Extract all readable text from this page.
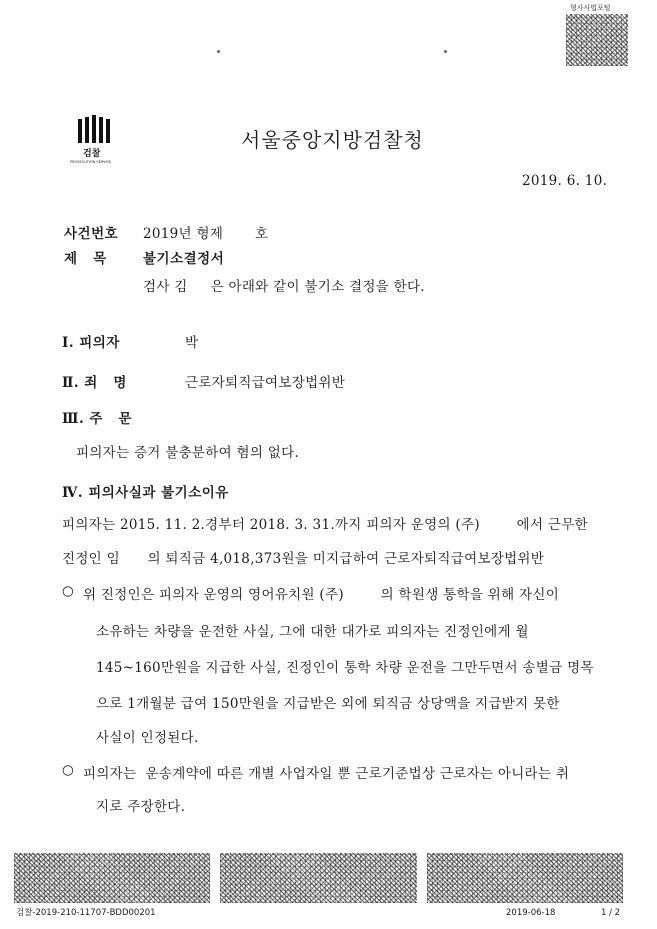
형사사법포털
검찰
PROSECUTION SERVICE
서울중앙지방검찰청
2019. 6. 10.
사건번호 2019년 형제 호
제   목	불기소결정서
검사 김     은 아래와 같이 불기소 결정을 한다.
Ⅰ. 피의자	박
Ⅱ. 죄   명	근로자퇴직급여보장법위반
Ⅲ. 주   문
피의자는 증거 불충분하여 혐의 없다.
Ⅳ. 피의사실과 불기소이유
피의자는 2015. 11. 2.경부터 2018. 3. 31.까지 피의자 운영의 (주)        에서 근무한
진정인 임      의 퇴직금 4,018,373원을 미지급하여 근로자퇴직급여보장법위반
○ 위 진정인은 피의자 운영의 영어유치원 (주)        의 학원생 통학을 위해 자신이
소유하는 차량을 운전한 사실, 그에 대한 대가로 피의자는 진정인에게 월
145~160만원을 지급한 사실, 진정인이 통학 차량 운전을 그만두면서 송별금 명목
으로 1개월분 급여 150만원을 지급받은 외에 퇴직금 상당액을 지급받지 못한
사실이 인정된다.
○ 피의자는  운송계약에 따른 개별 사업자일 뿐 근로기준법상 근로자는 아니라는 취
지로 주장한다.
검찰-2019-210-11707-BDD00201	2019-06-18	1 / 2
